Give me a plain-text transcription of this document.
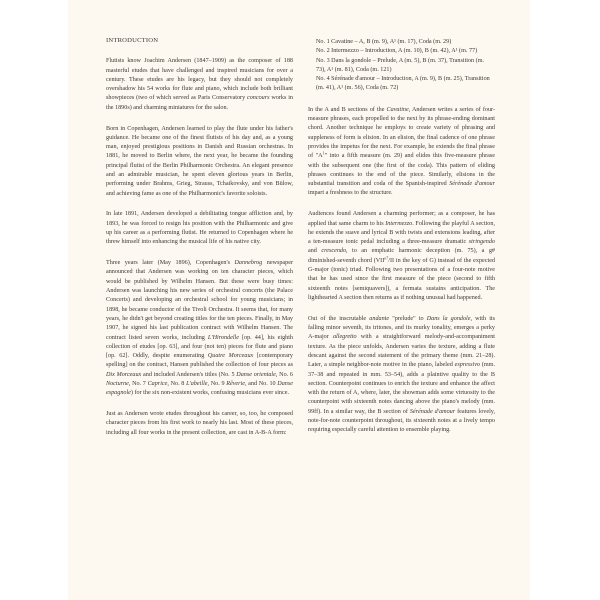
INTRODUCTION

Flutists know Joachim Andersen (1847–1909) as the composer of 188 masterful etudes that have challenged and inspired musicians for over a century. These etudes are his legacy, but they should not completely overshadow his 54 works for flute and piano, which include both brilliant showpieces (two of which served as Paris Conservatory concours works in the 1890s) and charming miniatures for the salon.

Born in Copenhagen, Andersen learned to play the flute under his father's guidance. He became one of the finest flutists of his day and, as a young man, enjoyed prestigious positions in Danish and Russian orchestras. In 1881, he moved to Berlin where, the next year, he became the founding principal flutist of the Berlin Philharmonic Orchestra. An elegant presence and an admirable musician, he spent eleven glorious years in Berlin, performing under Brahms, Grieg, Strauss, Tchaikovsky, and von Bülow, and achieving fame as one of the Philharmonic's favorite soloists.

In late 1891, Andersen developed a debilitating tongue affliction and, by 1893, he was forced to resign his position with the Philharmonic and give up his career as a performing flutist. He returned to Copenhagen where he threw himself into enhancing the musical life of his native city.

Three years later (May 1896), Copenhagen's Dannebrog newspaper announced that Andersen was working on ten character pieces, which would be published by Wilhelm Hansen. But these were busy times: Andersen was launching his new series of orchestral concerts (the Palace Concerts) and developing an orchestral school for young musicians; in 1898, he became conductor of the Tivoli Orchestra. It seems that, for many years, he didn't get beyond creating titles for the ten pieces. Finally, in May 1907, he signed his last publication contract with Wilhelm Hansen. The contract listed seven works, including L'Hirondelle [op. 44], his eighth collection of etudes [op. 63], and four (not ten) pieces for flute and piano [op. 62]. Oddly, despite enumerating Quatre Morceaux [contemporary spelling] on the contract, Hansen published the collection of four pieces as Dix Morceaux and included Andersen's titles (No. 5 Danse orientale, No. 6 Nocturne, No. 7 Caprice, No. 8 L'abeille, No. 9 Rêverie, and No. 10 Danse espagnole) for the six non-existent works, confusing musicians ever since.

Just as Andersen wrote etudes throughout his career, so, too, he composed character pieces from his first work to nearly his last. Most of these pieces, including all four works in the present collection, are cast in A-B-A form:

No. 1 Cavatine – A, B (m. 9), A¹ (m. 17), Coda (m. 29)
No. 2 Intermezzo – Introduction, A (m. 10), B (m. 42), A¹ (m. 77)
No. 3 Dans la gondole – Prelude, A (m. 5), B (m. 37), Transition (m. 73), A¹ (m. 81), Coda (m. 121)
No. 4 Sérénade d'amour – Introduction, A (m. 9), B (m. 25), Transition (m. 41), A¹ (m. 56), Coda (m. 72)

In the A and B sections of the Cavatine, Andersen writes a series of four-measure phrases, each propelled to the next by its phrase-ending dominant chord. Another technique he employs to create variety of phrasing and suppleness of form is elision. In an elision, the final cadence of one phrase provides the impetus for the next. For example, he extends the final phrase of "$A^1$" into a fifth measure (m. 29) and elides this five-measure phrase with the subsequent one (the first of the coda). This pattern of eliding phrases continues to the end of the piece. Similarly, elisions in the substantial transition and coda of the Spanish-inspired Sérénade d'amour impart a freshness to the structure.

Audiences found Andersen a charming performer; as a composer, he has applied that same charm to his Intermezzo. Following the playful A section, he extends the suave and lyrical B with twists and extensions leading, after a ten-measure tonic pedal including a three-measure dramatic stringendo and crescendo, to an emphatic harmonic deception (m. 75), a g# diminished-seventh chord ($VII^{o7}/II$ in the key of G) instead of the expected G-major (tonic) triad. Following two presentations of a four-note motive that he has used since the first measure of the piece (second to fifth sixteenth notes [semiquavers]), a fermata sustains anticipation. The lighthearted A section then returns as if nothing unusual had happened.

Out of the inscrutable andante "prelude" to Dans la gondole, with its falling minor seventh, its tritones, and its murky tonality, emerges a perky A-major allegretto with a straightforward melody-and-accompaniment texture. As the piece unfolds, Andersen varies the texture, adding a flute descant against the second statement of the primary theme (mm. 21–28). Later, a simple neighbor-note motive in the piano, labeled espressivo (mm. 37–38 and repeated in mm. 53–54), adds a plaintive quality to the B section. Counterpoint continues to enrich the texture and enhance the affect with the return of A, where, later, the showman adds some virtuosity to the counterpoint with sixteenth notes dancing above the piano's melody (mm. 99ff). In a similar way, the B section of Sérénade d'amour features lovely, note-for-note counterpoint throughout, its sixteenth notes at a lively tempo requiring especially careful attention to ensemble playing.
